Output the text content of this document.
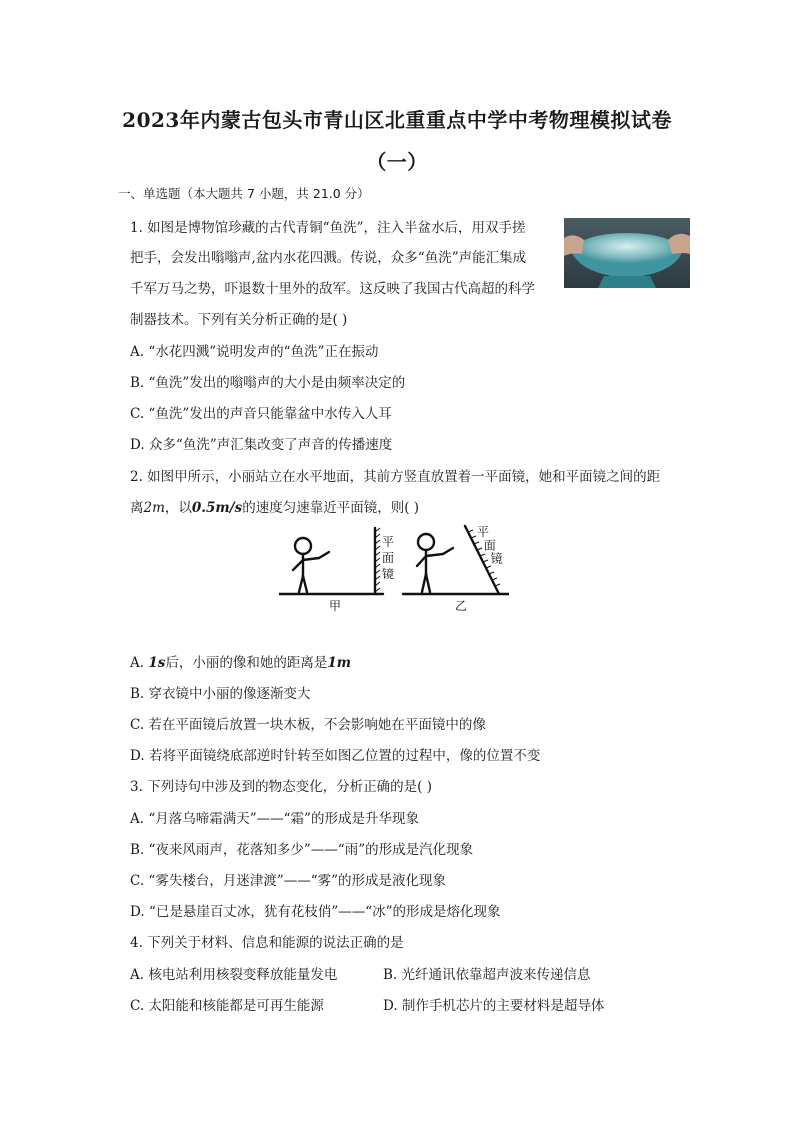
2023年内蒙古包头市青山区北重重点中学中考物理模拟试卷
（一）
一、单选题（本大题共 7 小题，共 21.0 分）
1. 如图是博物馆珍藏的古代青铜“鱼洗”，注入半盆水后，用双手搓
把手，会发出嗡嗡声,盆内水花四溅。传说，众多“鱼洗”声能汇集成
千军万马之势，吓退数十里外的敌军。这反映了我国古代高超的科学
制器技术。下列有关分析正确的是( )
A. “水花四溅”说明发声的“鱼洗”正在振动
B. “鱼洗”发出的嗡嗡声的大小是由频率决定的
C. “鱼洗”发出的声音只能靠盆中水传入人耳
D. 众多“鱼洗”声汇集改变了声音的传播速度
2. 如图甲所示，小丽站立在水平地面，其前方竖直放置着一平面镜，她和平面镜之间的距
离2m，以0.5m/s的速度匀速靠近平面镜，则( )
平面镜
平面镜
甲	乙
A. 1s后，小丽的像和她的距离是1m
B. 穿衣镜中小丽的像逐渐变大
C. 若在平面镜后放置一块木板，不会影响她在平面镜中的像
D. 若将平面镜绕底部逆时针转至如图乙位置的过程中，像的位置不变
3. 下列诗句中涉及到的物态变化，分析正确的是( )
A. “月落乌啼霜满天”——“霜”的形成是升华现象
B. “夜来风雨声，花落知多少”——“雨”的形成是汽化现象
C. “雾失楼台，月迷津渡”——“雾”的形成是液化现象
D. “已是悬崖百丈冰，犹有花枝俏”——“冰”的形成是熔化现象
4. 下列关于材料、信息和能源的说法正确的是
A. 核电站利用核裂变释放能量发电	B. 光纤通讯依靠超声波来传递信息
C. 太阳能和核能都是可再生能源	D. 制作手机芯片的主要材料是超导体
